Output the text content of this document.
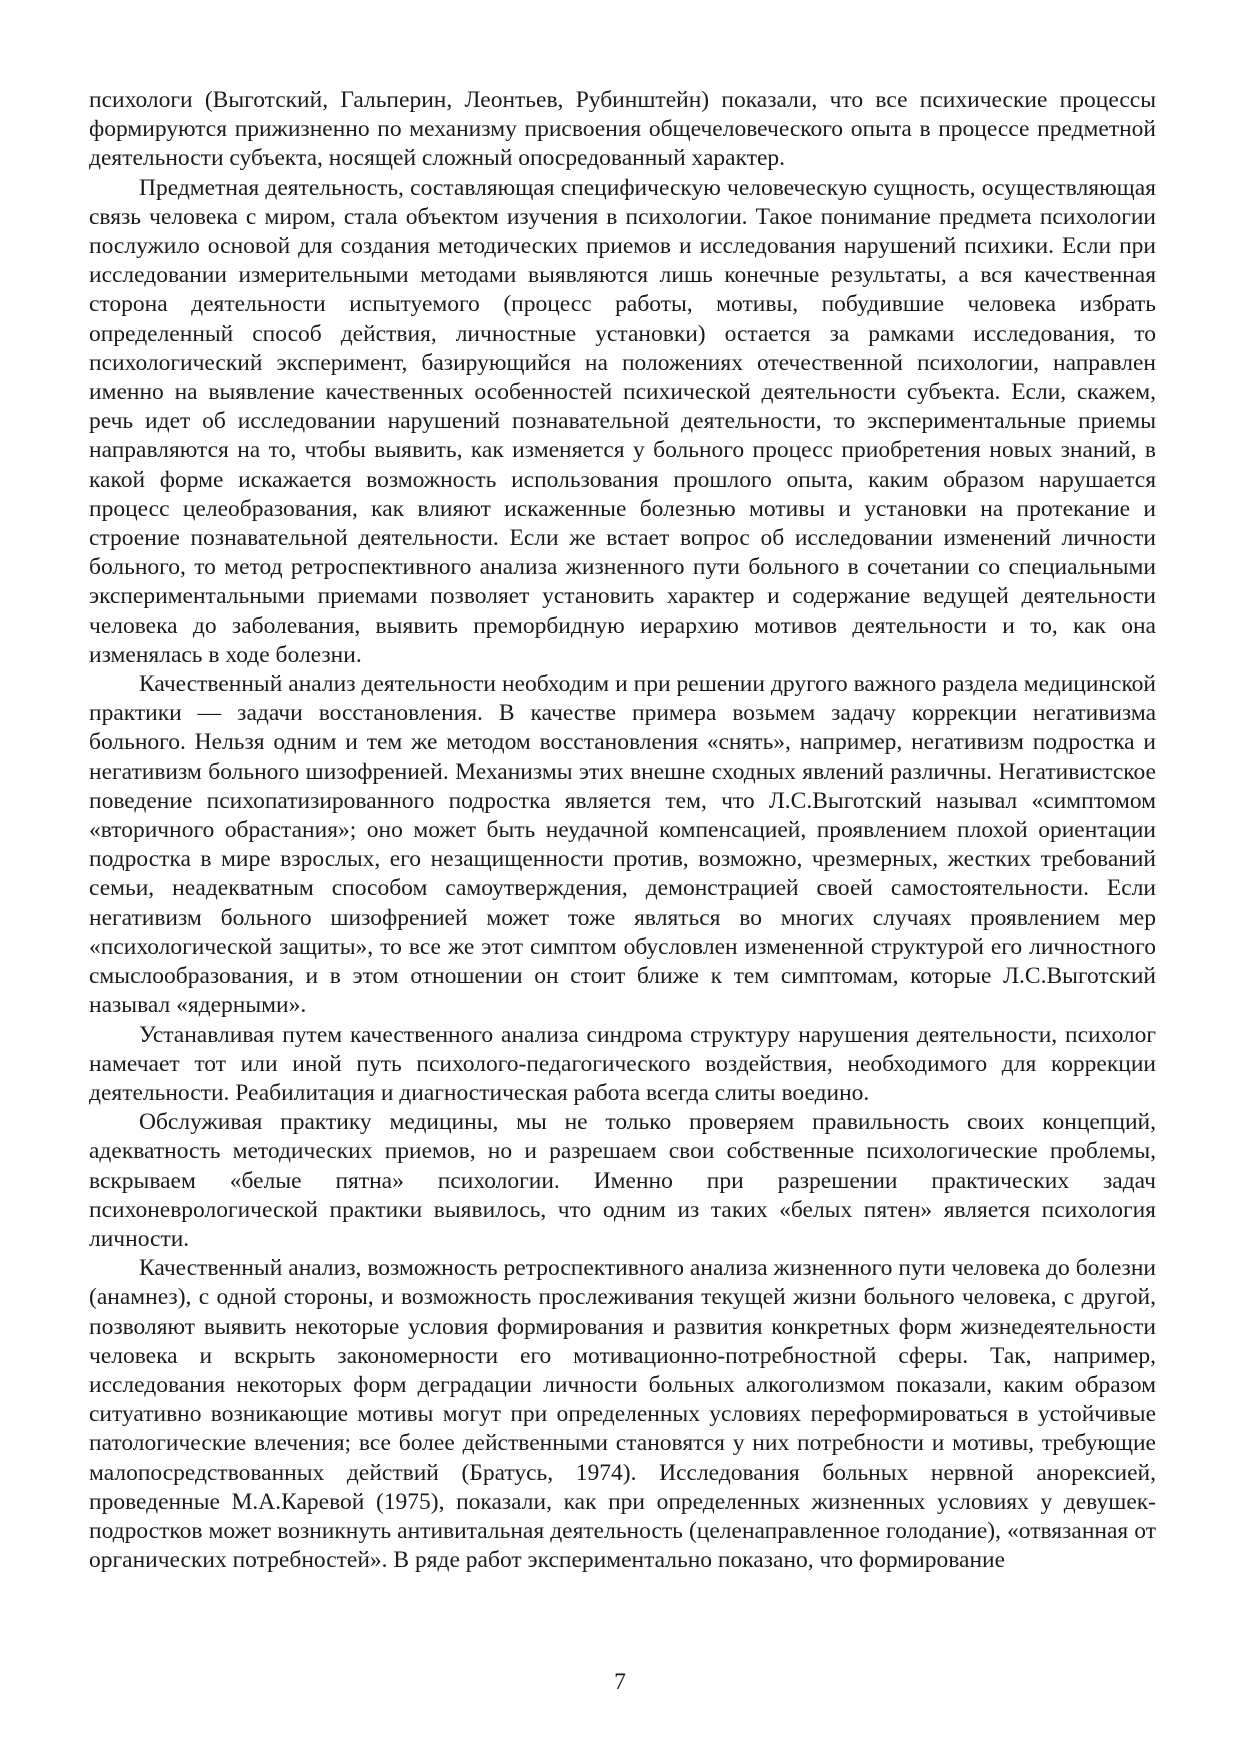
психологи (Выготский, Гальперин, Леонтьев, Рубинштейн) показали, что все психические процессы формируются прижизненно по механизму присвоения общечеловеческого опыта в процессе предметной деятельности субъекта, носящей сложный опосредованный характер.

Предметная деятельность, составляющая специфическую человеческую сущность, осуществляющая связь человека с миром, стала объектом изучения в психологии. Такое понимание предмета психологии послужило основой для создания методических приемов и исследования нарушений психики. Если при исследовании измерительными методами выявляются лишь конечные результаты, а вся качественная сторона деятельности испытуемого (процесс работы, мотивы, побудившие человека избрать определенный способ действия, личностные установки) остается за рамками исследования, то психологический эксперимент, базирующийся на положениях отечественной психологии, направлен именно на выявление качественных особенностей психической деятельности субъекта. Если, скажем, речь идет об исследовании нарушений познавательной деятельности, то экспериментальные приемы направляются на то, чтобы выявить, как изменяется у больного процесс приобретения новых знаний, в какой форме искажается возможность использования прошлого опыта, каким образом нарушается процесс целеобразования, как влияют искаженные болезнью мотивы и установки на протекание и строение познавательной деятельности. Если же встает вопрос об исследовании изменений личности больного, то метод ретроспективного анализа жизненного пути больного в сочетании со специальными экспериментальными приемами позволяет установить характер и содержание ведущей деятельности человека до заболевания, выявить преморбидную иерархию мотивов деятельности и то, как она изменялась в ходе болезни.

Качественный анализ деятельности необходим и при решении другого важного раздела медицинской практики — задачи восстановления. В качестве примера возьмем задачу коррекции негативизма больного. Нельзя одним и тем же методом восстановления «снять», например, негативизм подростка и негативизм больного шизофренией. Механизмы этих внешне сходных явлений различны. Негативистское поведение психопатизированного подростка является тем, что Л.С.Выготский называл «симптомом «вторичного обрастания»; оно может быть неудачной компенсацией, проявлением плохой ориентации подростка в мире взрослых, его незащищенности против, возможно, чрезмерных, жестких требований семьи, неадекватным способом самоутверждения, демонстрацией своей самостоятельности. Если негативизм больного шизофренией может тоже являться во многих случаях проявлением мер «психологической защиты», то все же этот симптом обусловлен измененной структурой его личностного смыслообразования, и в этом отношении он стоит ближе к тем симптомам, которые Л.С.Выготский называл «ядерными».

Устанавливая путем качественного анализа синдрома структуру нарушения деятельности, психолог намечает тот или иной путь психолого-педагогического воздействия, необходимого для коррекции деятельности. Реабилитация и диагностическая работа всегда слиты воедино.

Обслуживая практику медицины, мы не только проверяем правильность своих концепций, адекватность методических приемов, но и разрешаем свои собственные психологические проблемы, вскрываем «белые пятна» психологии. Именно при разрешении практических задач психоневрологической практики выявилось, что одним из таких «белых пятен» является психология личности.

Качественный анализ, возможность ретроспективного анализа жизненного пути человека до болезни (анамнез), с одной стороны, и возможность прослеживания текущей жизни больного человека, с другой, позволяют выявить некоторые условия формирования и развития конкретных форм жизнедеятельности человека и вскрыть закономерности его мотивационно-потребностной сферы. Так, например, исследования некоторых форм деградации личности больных алкоголизмом показали, каким образом ситуативно возникающие мотивы могут при определенных условиях переформироваться в устойчивые патологические влечения; все более действенными становятся у них потребности и мотивы, требующие малопосредствованных действий (Братусь, 1974). Исследования больных нервной анорексией, проведенные М.А.Каревой (1975), показали, как при определенных жизненных условиях у девушек-подростков может возникнуть антивитальная деятельность (целенаправленное голодание), «отвязанная от органических потребностей». В ряде работ экспериментально показано, что формирование

7
